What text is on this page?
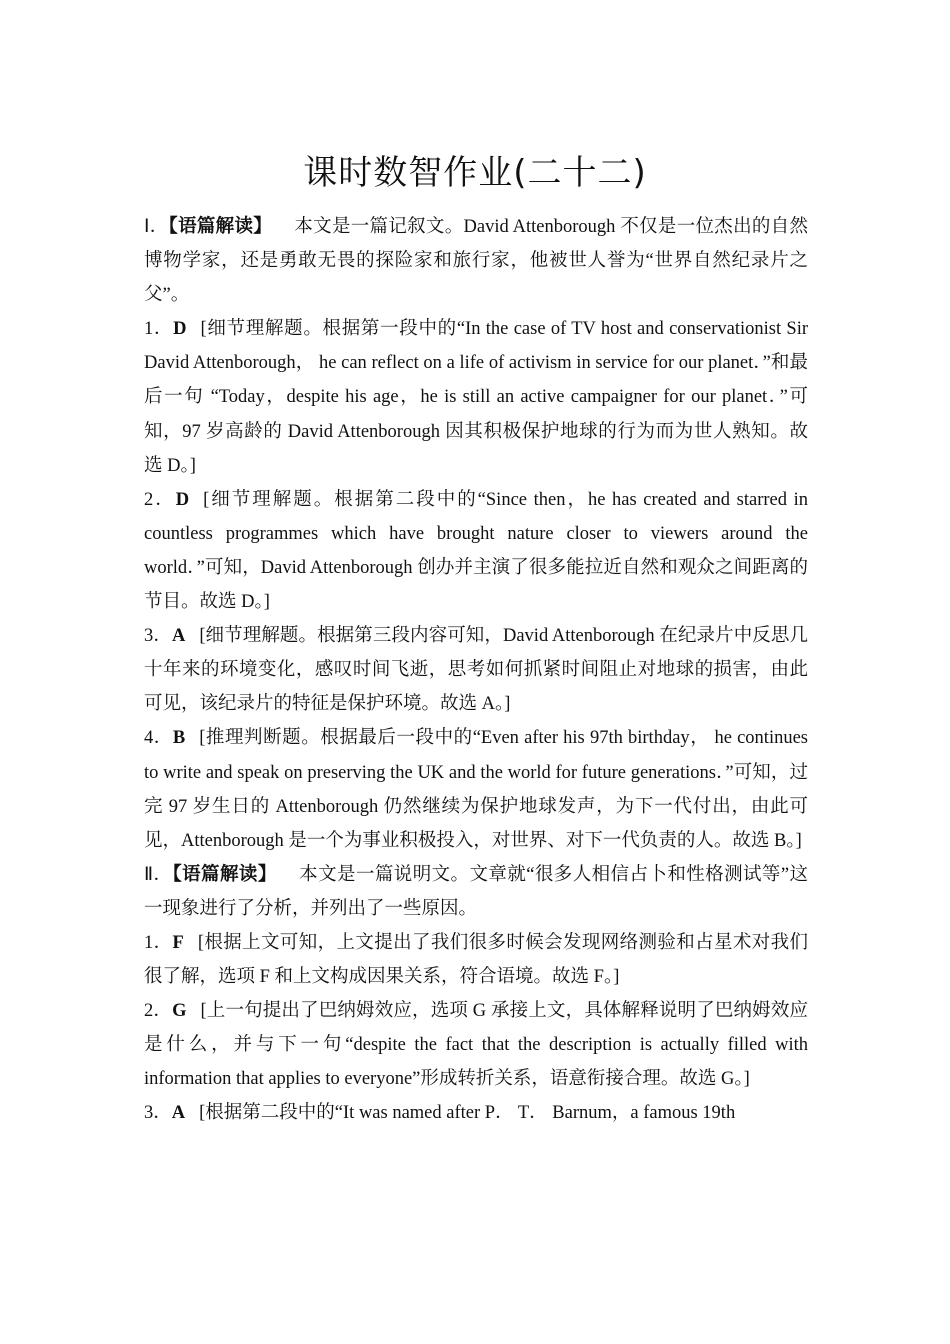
课时数智作业(二十二)

Ⅰ．【语篇解读】 本文是一篇记叙文。David Attenborough 不仅是一位杰出的自然博物学家，还是勇敢无畏的探险家和旅行家，他被世人誉为“世界自然纪录片之父”。

1．D [细节理解题。根据第一段中的“In the case of TV host and conservationist Sir David Attenborough， he can reflect on a life of activism in service for our planet．”和最后一句 “Today，despite his age，he is still an active campaigner for our planet．”可知，97 岁高龄的 David Attenborough 因其积极保护地球的行为而为世人熟知。故选 D。]

2．D [细节理解题。根据第二段中的“Since then，he has created and starred in countless programmes which have brought nature closer to viewers around the world．”可知，David Attenborough 创办并主演了很多能拉近自然和观众之间距离的节目。故选 D。]

3．A [细节理解题。根据第三段内容可知，David Attenborough 在纪录片中反思几十年来的环境变化，感叹时间飞逝，思考如何抓紧时间阻止对地球的损害，由此可见，该纪录片的特征是保护环境。故选 A。]

4．B [推理判断题。根据最后一段中的“Even after his 97th birthday， he continues to write and speak on preserving the UK and the world for future generations．”可知，过完 97 岁生日的 Attenborough 仍然继续为保护地球发声，为下一代付出，由此可见，Attenborough 是一个为事业积极投入，对世界、对下一代负责的人。故选 B。]

Ⅱ．【语篇解读】 本文是一篇说明文。文章就“很多人相信占卜和性格测试等”这一现象进行了分析，并列出了一些原因。

1．F [根据上文可知，上文提出了我们很多时候会发现网络测验和占星术对我们很了解，选项 F 和上文构成因果关系，符合语境。故选 F。]

2．G [上一句提出了巴纳姆效应，选项 G 承接上文，具体解释说明了巴纳姆效应是什么，并与下一句“despite the fact that the description is actually filled with information that applies to everyone”形成转折关系，语意衔接合理。故选 G。]

3．A [根据第二段中的“It was named after P． T． Barnum，a famous 19th
